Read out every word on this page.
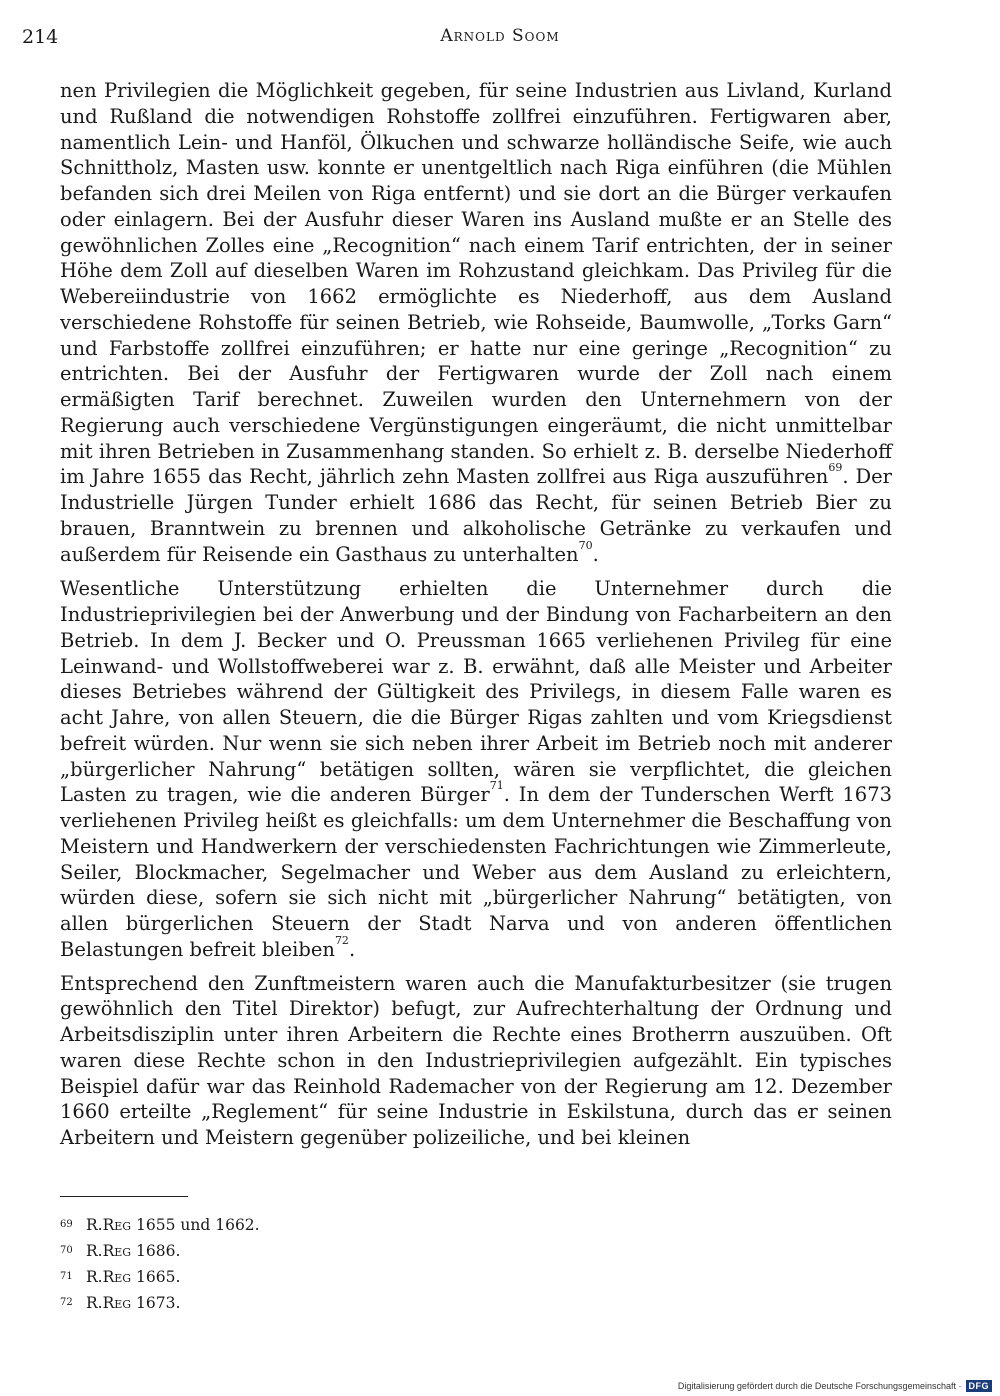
214	Arnold Soom

nen Privilegien die Möglichkeit gegeben, für seine Industrien aus Livland, Kurland und Rußland die notwendigen Rohstoffe zollfrei einzuführen. Fertigwaren aber, namentlich Lein- und Hanföl, Ölkuchen und schwarze holländische Seife, wie auch Schnittholz, Masten usw. konnte er unentgeltlich nach Riga einführen (die Mühlen befanden sich drei Meilen von Riga entfernt) und sie dort an die Bürger verkaufen oder einlagern. Bei der Ausfuhr dieser Waren ins Ausland mußte er an Stelle des gewöhnlichen Zolles eine „Recognition“ nach einem Tarif entrichten, der in seiner Höhe dem Zoll auf dieselben Waren im Rohzustand gleichkam. Das Privileg für die Webereiindustrie von 1662 ermöglichte es Niederhoff, aus dem Ausland verschiedene Rohstoffe für seinen Betrieb, wie Rohseide, Baumwolle, „Torks Garn“ und Farbstoffe zollfrei einzuführen; er hatte nur eine geringe „Recognition“ zu entrichten. Bei der Ausfuhr der Fertigwaren wurde der Zoll nach einem ermäßigten Tarif berechnet. Zuweilen wurden den Unternehmern von der Regierung auch verschiedene Vergünstigungen eingeräumt, die nicht unmittelbar mit ihren Betrieben in Zusammenhang standen. So erhielt z. B. derselbe Niederhoff im Jahre 1655 das Recht, jährlich zehn Masten zollfrei aus Riga auszuführen$^{69}$. Der Industrielle Jürgen Tunder erhielt 1686 das Recht, für seinen Betrieb Bier zu brauen, Branntwein zu brennen und alkoholische Getränke zu verkaufen und außerdem für Reisende ein Gasthaus zu unterhalten$^{70}$.

Wesentliche Unterstützung erhielten die Unternehmer durch die Industrieprivilegien bei der Anwerbung und der Bindung von Facharbeitern an den Betrieb. In dem J. Becker und O. Preussman 1665 verliehenen Privileg für eine Leinwand- und Wollstoffweberei war z. B. erwähnt, daß alle Meister und Arbeiter dieses Betriebes während der Gültigkeit des Privilegs, in diesem Falle waren es acht Jahre, von allen Steuern, die die Bürger Rigas zahlten und vom Kriegsdienst befreit würden. Nur wenn sie sich neben ihrer Arbeit im Betrieb noch mit anderer „bürgerlicher Nahrung“ betätigen sollten, wären sie verpflichtet, die gleichen Lasten zu tragen, wie die anderen Bürger$^{71}$. In dem der Tunderschen Werft 1673 verliehenen Privileg heißt es gleichfalls: um dem Unternehmer die Beschaffung von Meistern und Handwerkern der verschiedensten Fachrichtungen wie Zimmerleute, Seiler, Blockmacher, Segelmacher und Weber aus dem Ausland zu erleichtern, würden diese, sofern sie sich nicht mit „bürgerlicher Nahrung“ betätigten, von allen bürgerlichen Steuern der Stadt Narva und von anderen öffentlichen Belastungen befreit bleiben$^{72}$.

Entsprechend den Zunftmeistern waren auch die Manufakturbesitzer (sie trugen gewöhnlich den Titel Direktor) befugt, zur Aufrechterhaltung der Ordnung und Arbeitsdisziplin unter ihren Arbeitern die Rechte eines Brotherrn auszuüben. Oft waren diese Rechte schon in den Industrieprivilegien aufgezählt. Ein typisches Beispiel dafür war das Reinhold Rademacher von der Regierung am 12. Dezember 1660 erteilte „Reglement“ für seine Industrie in Eskilstuna, durch das er seinen Arbeitern und Meistern gegenüber polizeiliche, und bei kleinen

69 R.Reg 1655 und 1662.
70 R.Reg 1686.
71 R.Reg 1665.
72 R.Reg 1673.
Digitalisierung gefördert durch die Deutsche Forschungsgemeinschaft · DFG
